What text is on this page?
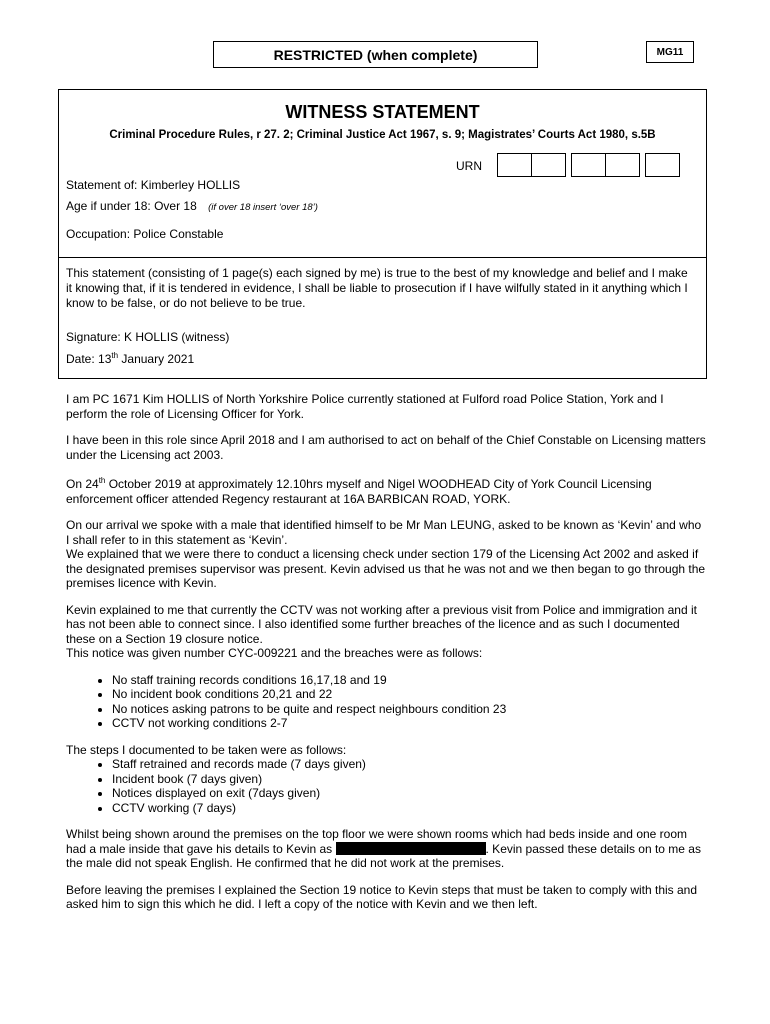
RESTRICTED (when complete)	MG11
WITNESS STATEMENT
Criminal Procedure Rules, r 27. 2; Criminal Justice Act 1967, s. 9; Magistrates’ Courts Act 1980, s.5B
URN
Statement of: Kimberley HOLLIS
Age if under 18: Over 18 (if over 18 insert ‘over 18’)
Occupation: Police Constable
This statement (consisting of 1 page(s) each signed by me) is true to the best of my knowledge and belief and I make it knowing that, if it is tendered in evidence, I shall be liable to prosecution if I have wilfully stated in it anything which I know to be false, or do not believe to be true.
Signature: K HOLLIS (witness)
Date: 13th January 2021

I am PC 1671 Kim HOLLIS of North Yorkshire Police currently stationed at Fulford road Police Station, York and I perform the role of Licensing Officer for York.

I have been in this role since April 2018 and I am authorised to act on behalf of the Chief Constable on Licensing matters under the Licensing act 2003.

On 24th October 2019 at approximately 12.10hrs myself and Nigel WOODHEAD City of York Council Licensing enforcement officer attended Regency restaurant at 16A BARBICAN ROAD, YORK.

On our arrival we spoke with a male that identified himself to be Mr Man LEUNG, asked to be known as ‘Kevin’ and who I shall refer to in this statement as ‘Kevin’.

We explained that we were there to conduct a licensing check under section 179 of the Licensing Act 2002 and asked if the designated premises supervisor was present. Kevin advised us that he was not and we then began to go through the premises licence with Kevin.

Kevin explained to me that currently the CCTV was not working after a previous visit from Police and immigration and it has not been able to connect since. I also identified some further breaches of the licence and as such I documented these on a Section 19 closure notice.

This notice was given number CYC-009221 and the breaches were as follows:

• No staff training records conditions 16,17,18 and 19
• No incident book conditions 20,21 and 22
• No notices asking patrons to be quite and respect neighbours condition 23
• CCTV not working conditions 2-7

The steps I documented to be taken were as follows:

• Staff retrained and records made (7 days given)
• Incident book (7 days given)
• Notices displayed on exit (7days given)
• CCTV working (7 days)

Whilst being shown around the premises on the top floor we were shown rooms which had beds inside and one room had a male inside that gave his details to Kevin as	. Kevin passed these details on to me as the male did not speak English. He confirmed that he did not work at the premises.

Before leaving the premises I explained the Section 19 notice to Kevin steps that must be taken to comply with this and asked him to sign this which he did. I left a copy of the notice with Kevin and we then left.
